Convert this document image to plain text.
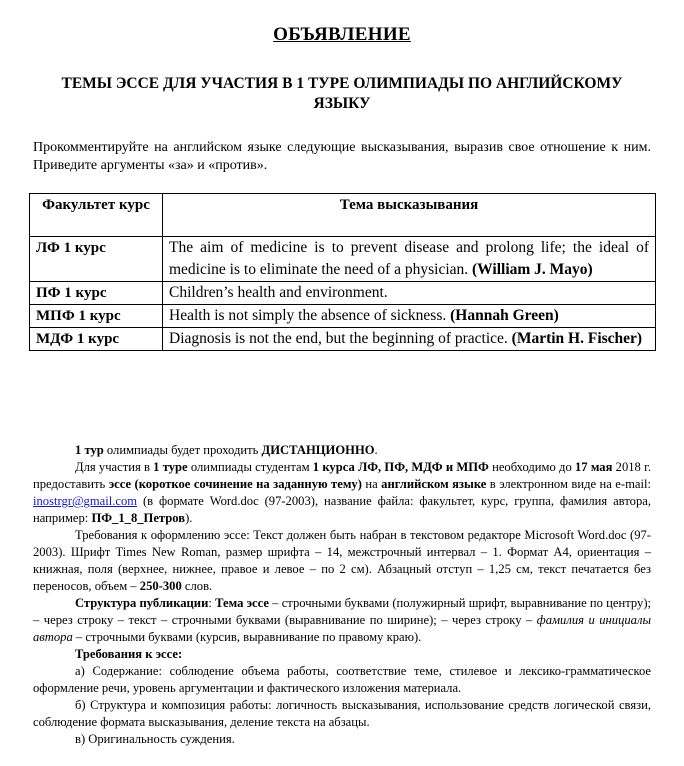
ОБЪЯВЛЕНИЕ
ТЕМЫ ЭССЕ ДЛЯ УЧАСТИЯ В 1 ТУРЕ ОЛИМПИАДЫ ПО АНГЛИЙСКОМУ ЯЗЫКУ
Прокомментируйте на английском языке следующие высказывания, выразив свое отношение к ним. Приведите аргументы «за» и «против».
Факультет курс	Тема высказывания
ЛФ 1 курс	The aim of medicine is to prevent disease and prolong life; the ideal of medicine is to eliminate the need of a physician. (William J. Mayo)
ПФ 1 курс	Children’s health and environment.
МПФ 1 курс	Health is not simply the absence of sickness. (Hannah Green)
МДФ 1 курс	Diagnosis is not the end, but the beginning of practice. (Martin H. Fischer)

1 тур олимпиады будет проходить ДИСТАНЦИОННО.

Для участия в 1 туре олимпиады студентам 1 курса ЛФ, ПФ, МДФ и МПФ необходимо до 17 мая 2018 г. предоставить эссе (короткое сочинение на заданную тему) на английском языке в электронном виде на e-mail: inostrgr@gmail.com (в формате Word.doc (97-2003), название файла: факультет, курс, группа, фамилия автора, например: ПФ_1_8_Петров).

Требования к оформлению эссе: Текст должен быть набран в текстовом редакторе Microsoft Word.doc (97-2003). Шрифт Times New Roman, размер шрифта – 14, межстрочный интервал – 1. Формат А4, ориентация – книжная, поля (верхнее, нижнее, правое и левое – по 2 см). Абзацный отступ – 1,25 см, текст печатается без переносов, объем – 250-300 слов.

Структура публикации: Тема эссе – строчными буквами (полужирный шрифт, выравнивание по центру); – через строку – текст – строчными буквами (выравнивание по ширине); – через строку – фамилия и инициалы автора – строчными буквами (курсив, выравнивание по правому краю).

Требования к эссе:

а) Содержание: соблюдение объема работы, соответствие теме, стилевое и лексико-грамматическое оформление речи, уровень аргументации и фактического изложения материала.

б) Структура и композиция работы: логичность высказывания, использование средств логической связи, соблюдение формата высказывания, деление текста на абзацы.

в) Оригинальность суждения.
